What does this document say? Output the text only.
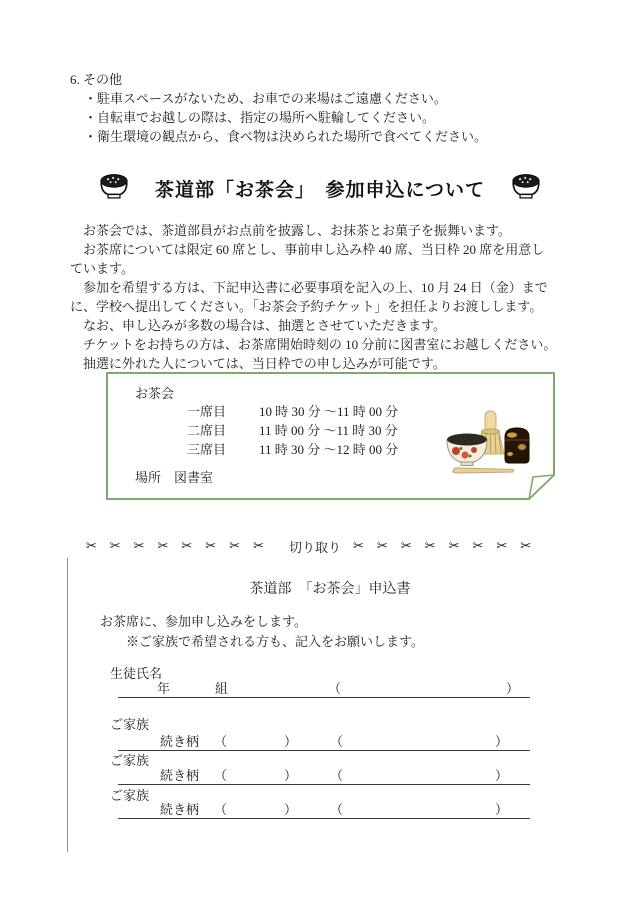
6. その他
・駐車スペースがないため、お車での来場はご遠慮ください。
・自転車でお越しの際は、指定の場所へ駐輪してください。
・衛生環境の観点から、食べ物は決められた場所で食べてください。
茶道部「お茶会」　参加申込について
　お茶会では、茶道部員がお点前を披露し、お抹茶とお菓子を振舞います。
　お茶席については限定 60 席とし、事前申し込み枠 40 席、当日枠 20 席を用意し
ています。
　参加を希望する方は、下記申込書に必要事項を記入の上、10 月 24 日（金）まで
に、学校へ提出してください。「お茶会予約チケット」を担任よりお渡しします。
　なお、申し込みが多数の場合は、抽選とさせていただきます。
　チケットをお持ちの方は、お茶席開始時刻の 10 分前に図書室にお越しください。
　抽選に外れた人については、当日枠での申し込みが可能です。
お茶会
一席目	10 時 30 分 ～11 時 00 分
二席目	11 時 00 分 ～11 時 30 分
三席目	11 時 30 分 ～12 時 00 分
場所　図書室
✂✂✂✂✂✂✂✂ 切り取り ✂✂✂✂✂✂✂✂
茶道部　「お茶会」申込書
お茶席に、参加申し込みをします。
※ご家族で希望される方も、記入をお願いします。
生徒氏名
年	組	（	）
ご家族
続き柄 （	）	（	）
ご家族
続き柄 （	）	（	）
ご家族
続き柄 （	）	（	）
